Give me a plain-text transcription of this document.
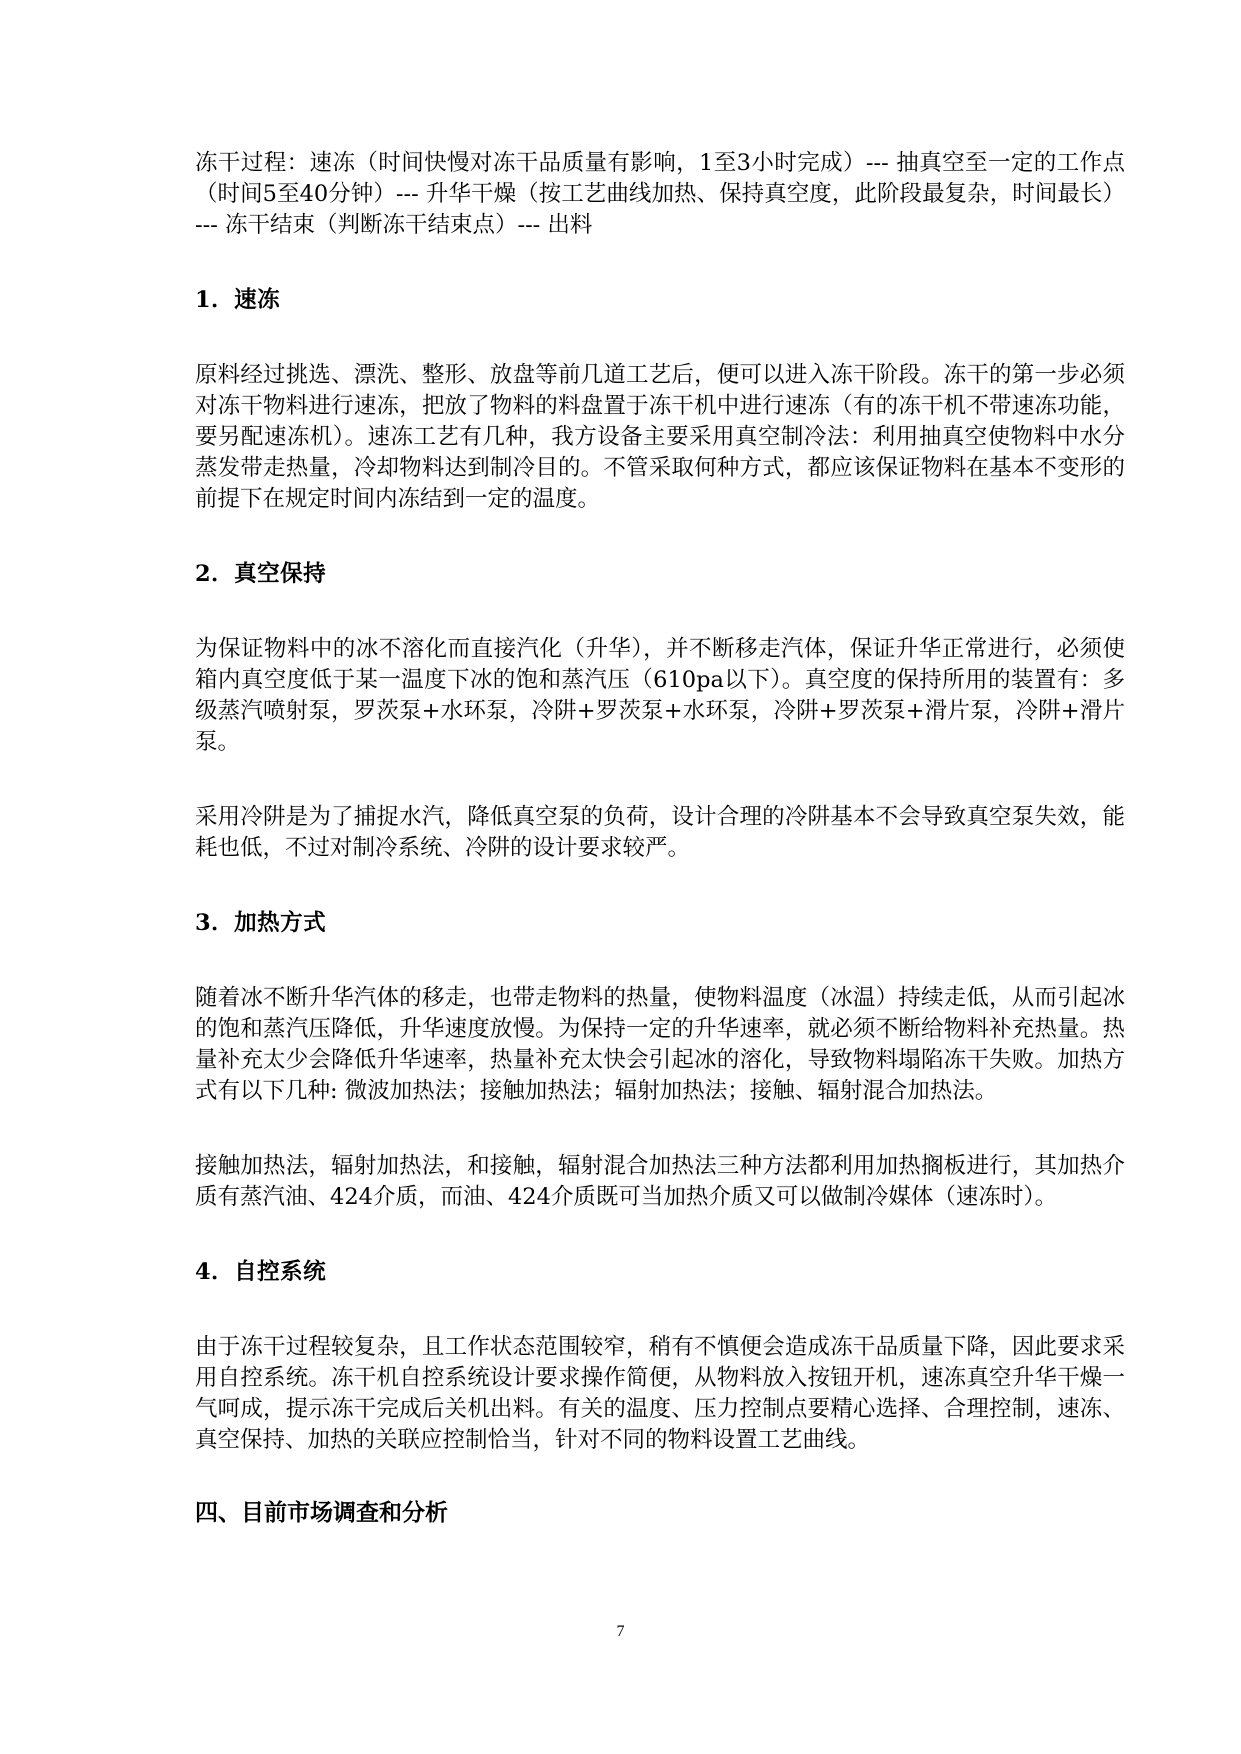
冻干过程：速冻（时间快慢对冻干品质量有影响，1至3小时完成）--- 抽真空至一定的工作点（时间5至40分钟）--- 升华干燥（按工艺曲线加热、保持真空度，此阶段最复杂，时间最长）--- 冻干结束（判断冻干结束点）--- 出料

1．速冻

原料经过挑选、漂洗、整形、放盘等前几道工艺后，便可以进入冻干阶段。冻干的第一步必须对冻干物料进行速冻，把放了物料的料盘置于冻干机中进行速冻（有的冻干机不带速冻功能，要另配速冻机）。速冻工艺有几种，我方设备主要采用真空制冷法：利用抽真空使物料中水分蒸发带走热量，冷却物料达到制冷目的。不管采取何种方式，都应该保证物料在基本不变形的前提下在规定时间内冻结到一定的温度。

2．真空保持

为保证物料中的冰不溶化而直接汽化（升华），并不断移走汽体，保证升华正常进行，必须使箱内真空度低于某一温度下冰的饱和蒸汽压（610pa以下）。真空度的保持所用的装置有：多级蒸汽喷射泵，罗茨泵+水环泵，冷阱+罗茨泵+水环泵，冷阱+罗茨泵+滑片泵，冷阱+滑片泵。

采用冷阱是为了捕捉水汽，降低真空泵的负荷，设计合理的冷阱基本不会导致真空泵失效，能耗也低，不过对制冷系统、冷阱的设计要求较严。

3．加热方式

随着冰不断升华汽体的移走，也带走物料的热量，使物料温度（冰温）持续走低，从而引起冰的饱和蒸汽压降低，升华速度放慢。为保持一定的升华速率，就必须不断给物料补充热量。热量补充太少会降低升华速率，热量补充太快会引起冰的溶化，导致物料塌陷冻干失败。加热方式有以下几种: 微波加热法；接触加热法；辐射加热法；接触、辐射混合加热法。

接触加热法，辐射加热法，和接触，辐射混合加热法三种方法都利用加热搁板进行，其加热介质有蒸汽油、424介质，而油、424介质既可当加热介质又可以做制冷媒体（速冻时）。

4．自控系统

由于冻干过程较复杂，且工作状态范围较窄，稍有不慎便会造成冻干品质量下降，因此要求采用自控系统。冻干机自控系统设计要求操作简便，从物料放入按钮开机，速冻真空升华干燥一气呵成，提示冻干完成后关机出料。有关的温度、压力控制点要精心选择、合理控制，速冻、真空保持、加热的关联应控制恰当，针对不同的物料设置工艺曲线。

四、目前市场调查和分析
7
